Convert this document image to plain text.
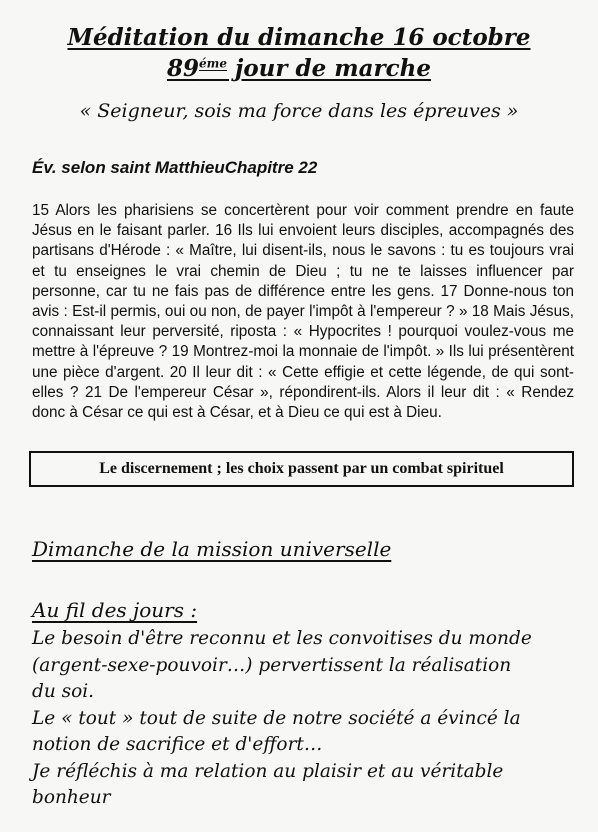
Méditation du dimanche 16 octobre
$89^{éme}$ jour de marche
« Seigneur, sois ma force dans les épreuves »
Év. selon saint MatthieuChapitre 22

15 Alors les pharisiens se concertèrent pour voir comment prendre en faute Jésus en le faisant parler. 16 Ils lui envoient leurs disciples, accompagnés des partisans d'Hérode : « Maître, lui disent-ils, nous le savons : tu es toujours vrai et tu enseignes le vrai chemin de Dieu ; tu ne te laisses influencer par personne, car tu ne fais pas de différence entre les gens. 17 Donne-nous ton avis : Est-il permis, oui ou non, de payer l'impôt à l'empereur ? » 18 Mais Jésus, connaissant leur perversité, riposta : « Hypocrites ! pourquoi voulez-vous me mettre à l'épreuve ? 19 Montrez-moi la monnaie de l'impôt. » Ils lui présentèrent une pièce d'argent. 20 Il leur dit : « Cette effigie et cette légende, de qui sont-elles ? 21 De l'empereur César », répondirent-ils. Alors il leur dit : « Rendez donc à César ce qui est à César, et à Dieu ce qui est à Dieu.

Le discernement ; les choix passent par un combat spirituel
Dimanche de la mission universelle
Au fil des jours :
Le besoin d'être reconnu et les convoitises du monde
(argent-sexe-pouvoir…) pervertissent la réalisation
du soi.
Le « tout » tout de suite de notre société a évincé la
notion de sacrifice et d'effort…
Je réfléchis à ma relation au plaisir et au véritable
bonheur
